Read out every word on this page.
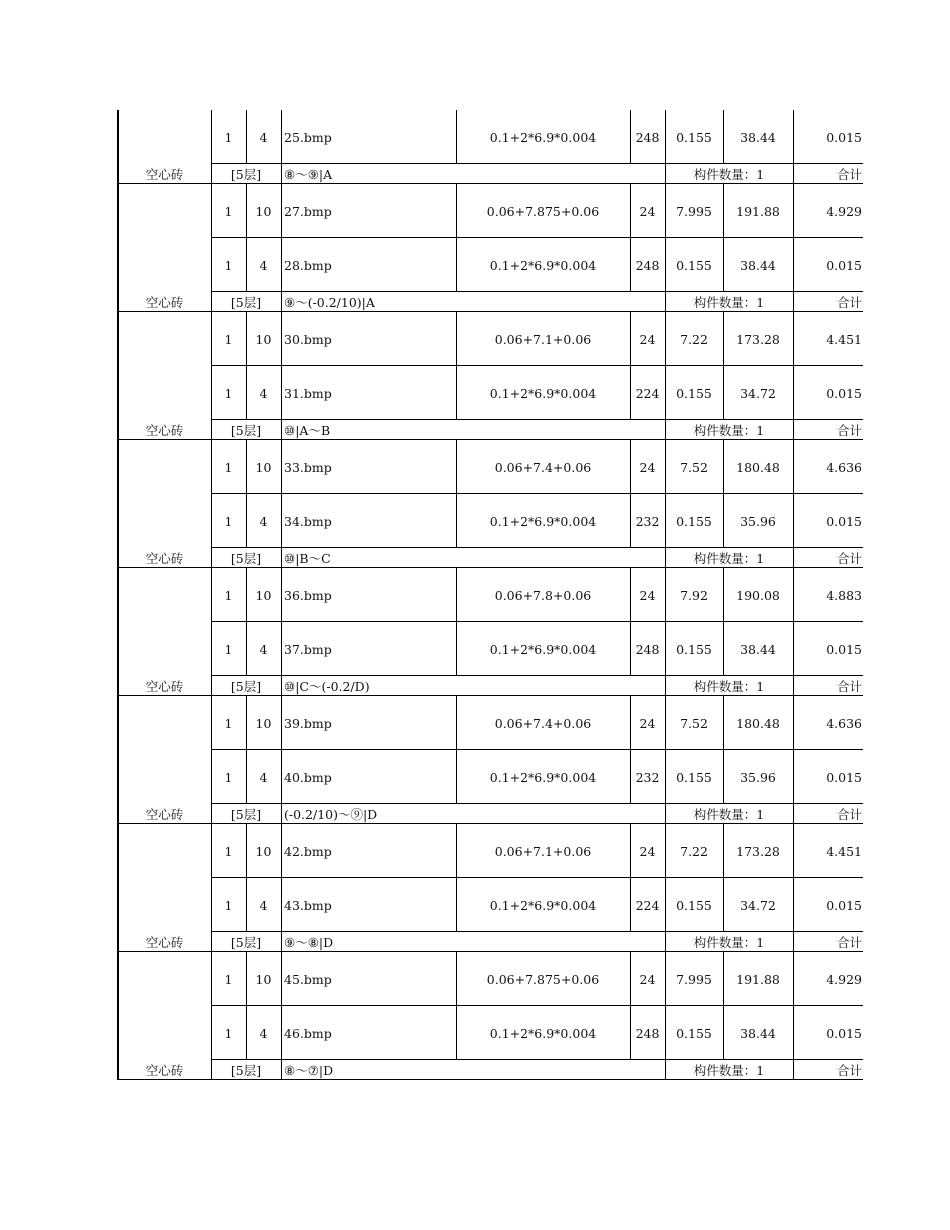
1	4	25.bmp	0.1+2*6.9*0.004	248	0.155	38.44	0.015
空心砖	[5层]	⑧～⑨|A	构件数量：1	合计
1	10	27.bmp	0.06+7.875+0.06	24	7.995	191.88	4.929
1	4	28.bmp	0.1+2*6.9*0.004	248	0.155	38.44	0.015
空心砖	[5层]	⑨～(-0.2/10)|A	构件数量：1	合计
1	10	30.bmp	0.06+7.1+0.06	24	7.22	173.28	4.451
1	4	31.bmp	0.1+2*6.9*0.004	224	0.155	34.72	0.015
空心砖	[5层]	⑩|A～B	构件数量：1	合计
1	10	33.bmp	0.06+7.4+0.06	24	7.52	180.48	4.636
1	4	34.bmp	0.1+2*6.9*0.004	232	0.155	35.96	0.015
空心砖	[5层]	⑩|B～C	构件数量：1	合计
1	10	36.bmp	0.06+7.8+0.06	24	7.92	190.08	4.883
1	4	37.bmp	0.1+2*6.9*0.004	248	0.155	38.44	0.015
空心砖	[5层]	⑩|C～(-0.2/D)	构件数量：1	合计
1	10	39.bmp	0.06+7.4+0.06	24	7.52	180.48	4.636
1	4	40.bmp	0.1+2*6.9*0.004	232	0.155	35.96	0.015
空心砖	[5层]	(-0.2/10)～⑨|D	构件数量：1	合计
1	10	42.bmp	0.06+7.1+0.06	24	7.22	173.28	4.451
1	4	43.bmp	0.1+2*6.9*0.004	224	0.155	34.72	0.015
空心砖	[5层]	⑨～⑧|D	构件数量：1	合计
1	10	45.bmp	0.06+7.875+0.06	24	7.995	191.88	4.929
1	4	46.bmp	0.1+2*6.9*0.004	248	0.155	38.44	0.015
空心砖	[5层]	⑧～⑦|D	构件数量：1	合计
